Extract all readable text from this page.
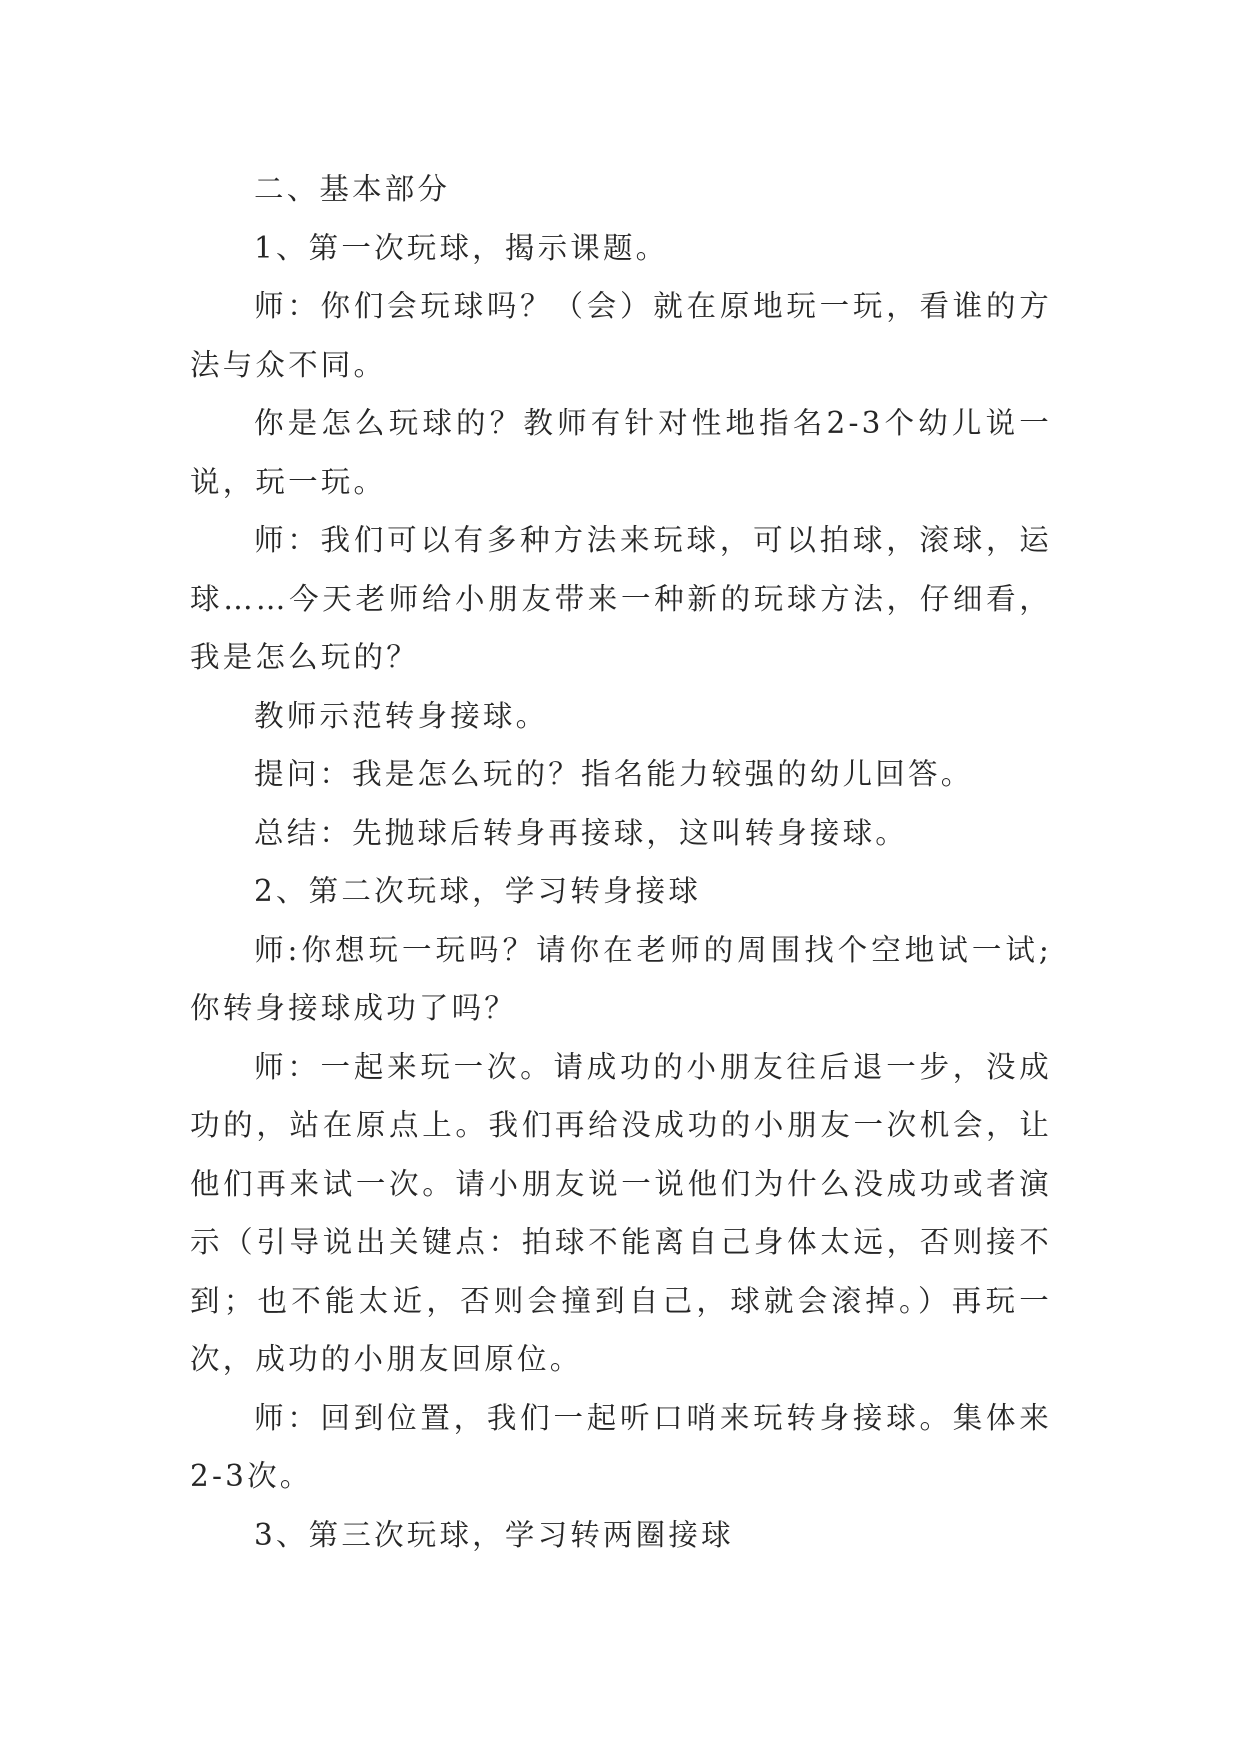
二、基本部分

1、第一次玩球，揭示课题。

师：你们会玩球吗？（会）就在原地玩一玩，看谁的方法与众不同。

你是怎么玩球的？教师有针对性地指名2-3个幼儿说一说，玩一玩。

师：我们可以有多种方法来玩球，可以拍球，滚球，运球……今天老师给小朋友带来一种新的玩球方法，仔细看，我是怎么玩的？

教师示范转身接球。

提问：我是怎么玩的？指名能力较强的幼儿回答。

总结：先抛球后转身再接球，这叫转身接球。

2、第二次玩球，学习转身接球

师:你想玩一玩吗？请你在老师的周围找个空地试一试;你转身接球成功了吗？

师：一起来玩一次。请成功的小朋友往后退一步，没成功的，站在原点上。我们再给没成功的小朋友一次机会，让他们再来试一次。请小朋友说一说他们为什么没成功或者演示（引导说出关键点：拍球不能离自己身体太远，否则接不到；也不能太近，否则会撞到自己，球就会滚掉。）再玩一次，成功的小朋友回原位。

师：回到位置，我们一起听口哨来玩转身接球。集体来2-3次。

3、第三次玩球，学习转两圈接球
